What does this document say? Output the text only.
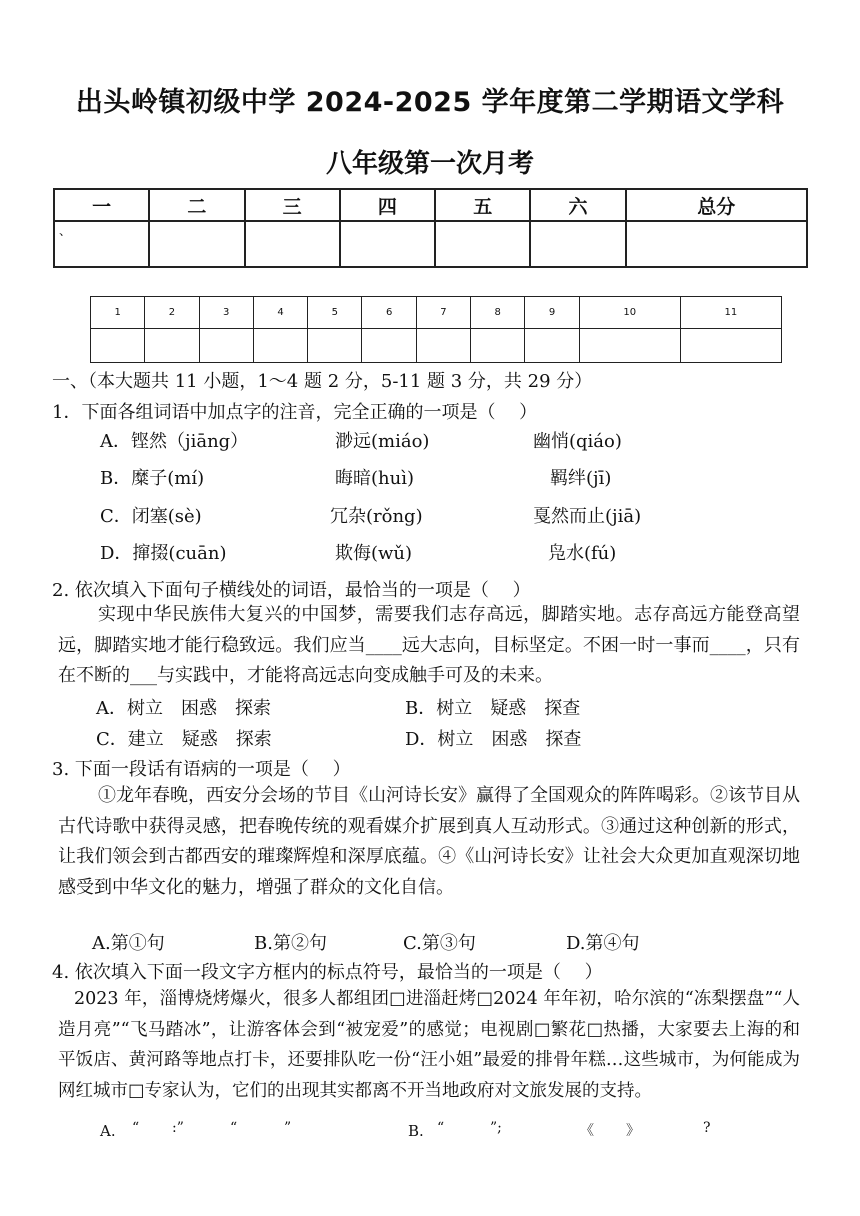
出头岭镇初级中学 2024-2025 学年度第二学期语文学科
八年级第一次月考
一	二	三	四	五	六	总分
、						
1	2	3	4	5	6	7	8	9	10	11

一、（本大题共 11 小题，1～4 题 2 分，5-11 题 3 分，共 29 分）
1．下面各组词语中加点字的注音，完全正确的一项是（　 ）
A．铿然（jiāng）	渺远(miáo)	幽悄(qiáo)
B．糜子(mí)	晦暗(huì)	羁绊(jī)
C．闭塞(sè)	冗杂(rǒng)	戛然而止(jiā)
D．撺掇(cuān)	欺侮(wǔ)	凫水(fú)
2. 依次填入下面句子横线处的词语，最恰当的一项是（　 ）
实现中华民族伟大复兴的中国梦，需要我们志存高远，脚踏实地。志存高远方能登高望远，脚踏实地才能行稳致远。我们应当____远大志向，目标坚定。不困一时一事而____，只有在不断的___与实践中，才能将高远志向变成触手可及的未来。
A．树立　困惑　探索	B．树立　疑惑　探查
C．建立　疑惑　探索	D．树立　困惑　探查
3. 下面一段话有语病的一项是（　 ）
①龙年春晚，西安分会场的节目《山河诗长安》赢得了全国观众的阵阵喝彩。②该节目从古代诗歌中获得灵感，把春晚传统的观看媒介扩展到真人互动形式。③通过这种创新的形式，让我们领会到古都西安的璀璨辉煌和深厚底蕴。④《山河诗长安》让社会大众更加直观深切地感受到中华文化的魅力，增强了群众的文化自信。
A.第①句	B.第②句	C.第③句	D.第④句
4. 依次填入下面一段文字方框内的标点符号，最恰当的一项是（　 ）
2023 年，淄博烧烤爆火，很多人都组团□进淄赶烤□2024 年年初，哈尔滨的“冻梨摆盘”“人造月亮”“飞马踏冰”，让游客体会到“被宠爱”的感觉；电视剧□繁花□热播，大家要去上海的和平饭店、黄河路等地点打卡，还要排队吃一份“汪小姐”最爱的排骨年糕…这些城市，为何能成为网红城市□专家认为，它们的出现其实都离不开当地政府对文旅发展的支持。
A. “ :”	“	”	B. “	”;	《 》	?
